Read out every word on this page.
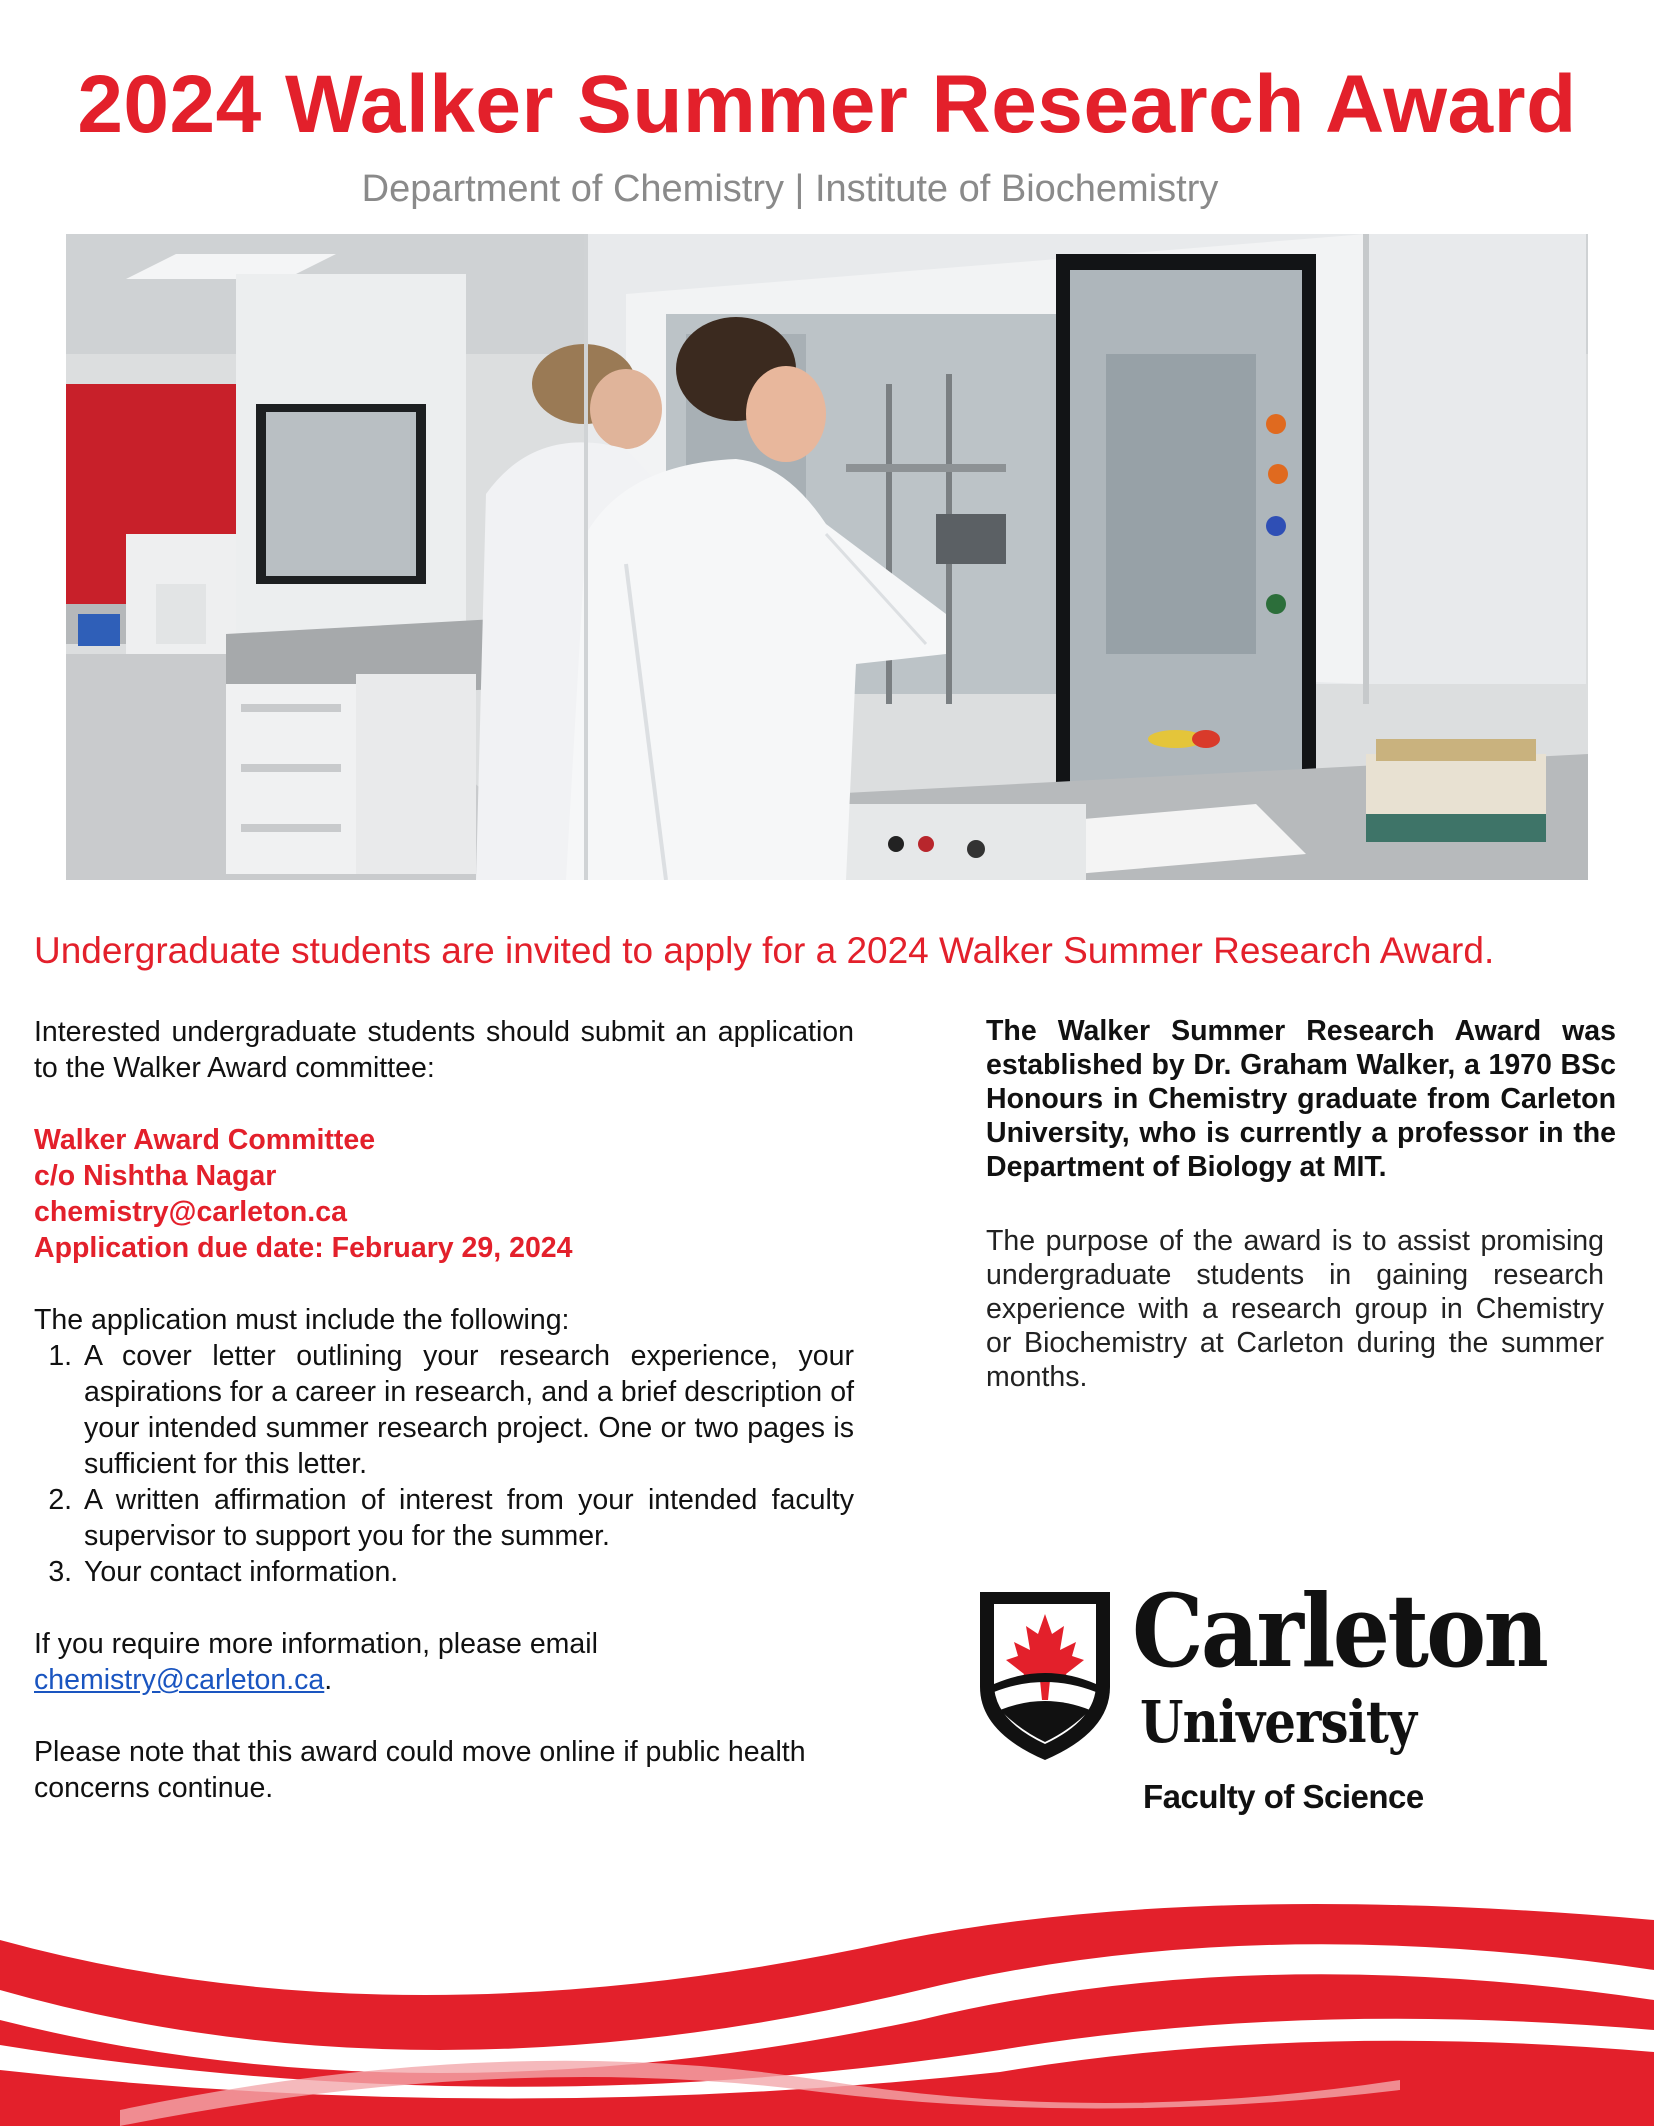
2024 Walker Summer Research Award
Department of Chemistry | Institute of Biochemistry
Undergraduate students are invited to apply for a 2024 Walker Summer Research Award.
Interested undergraduate students should submit an application to the Walker Award committee:
Walker Award Committee
c/o Nishtha Nagar
chemistry@carleton.ca
Application due date: February 29, 2024
The application must include the following:
1. A cover letter outlining your research experience, your aspirations for a career in research, and a brief description of your intended summer research project. One or two pages is sufficient for this letter.
2. A written affirmation of interest from your intended faculty supervisor to support you for the summer.
3. Your contact information.
If you require more information, please email
chemistry@carleton.ca.
Please note that this award could move online if public health concerns continue.
The Walker Summer Research Award was established by Dr. Graham Walker, a 1970 BSc Honours in Chemistry graduate from Carleton University, who is currently a professor in the Department of Biology at MIT.
The purpose of the award is to assist promising undergraduate students in gaining research experience with a research group in Chemistry or Biochemistry at Carleton during the summer months.
Carleton
University
Faculty of Science
